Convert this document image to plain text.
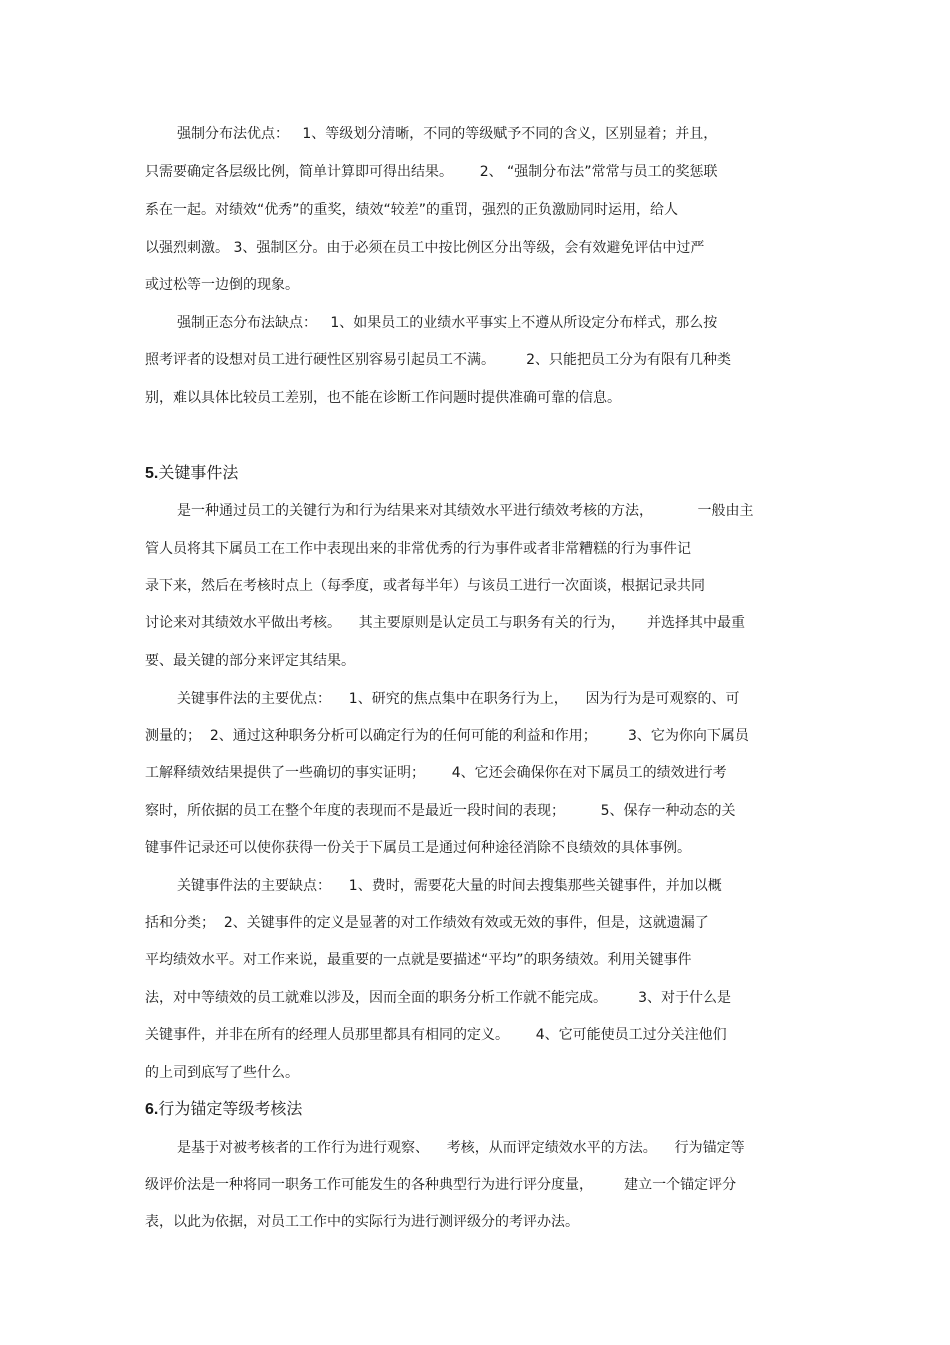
强制分布法优点：   1、等级划分清晰，不同的等级赋予不同的含义，区别显着；并且，
只需要确定各层级比例，简单计算即可得出结果。      2、 “强制分布法”常常与员工的奖惩联
系在一起。对绩效“优秀”的重奖，绩效“较差”的重罚，强烈的正负激励同时运用，给人
以强烈刺激。 3、强制区分。由于必须在员工中按比例区分出等级，会有效避免评估中过严
或过松等一边倒的现象。
强制正态分布法缺点：   1、如果员工的业绩水平事实上不遵从所设定分布样式，那么按
照考评者的设想对员工进行硬性区别容易引起员工不满。       2、只能把员工分为有限有几种类
别，难以具体比较员工差别，也不能在诊断工作问题时提供准确可靠的信息。
5.关键事件法
是一种通过员工的关键行为和行为结果来对其绩效水平进行绩效考核的方法，          一般由主
管人员将其下属员工在工作中表现出来的非常优秀的行为事件或者非常糟糕的行为事件记
录下来，然后在考核时点上（每季度，或者每半年）与该员工进行一次面谈，根据记录共同
讨论来对其绩效水平做出考核。    其主要原则是认定员工与职务有关的行为，     并选择其中最重
要、最关键的部分来评定其结果。
关键事件法的主要优点：    1、研究的焦点集中在职务行为上，    因为行为是可观察的、可
测量的；  2、通过这种职务分析可以确定行为的任何可能的利益和作用；       3、它为你向下属员
工解释绩效结果提供了一些确切的事实证明；      4、它还会确保你在对下属员工的绩效进行考
察时，所依据的员工在整个年度的表现而不是最近一段时间的表现；        5、保存一种动态的关
键事件记录还可以使你获得一份关于下属员工是通过何种途径消除不良绩效的具体事例。
关键事件法的主要缺点：    1、费时，需要花大量的时间去搜集那些关键事件，并加以概
括和分类；  2、关键事件的定义是显著的对工作绩效有效或无效的事件，但是，这就遗漏了
平均绩效水平。对工作来说，最重要的一点就是要描述“平均”的职务绩效。利用关键事件
法，对中等绩效的员工就难以涉及，因而全面的职务分析工作就不能完成。       3、对于什么是
关键事件，并非在所有的经理人员那里都具有相同的定义。      4、它可能使员工过分关注他们
的上司到底写了些什么。
6.行为锚定等级考核法
是基于对被考核者的工作行为进行观察、    考核，从而评定绩效水平的方法。    行为锚定等
级评价法是一种将同一职务工作可能发生的各种典型行为进行评分度量，       建立一个锚定评分
表，以此为依据，对员工工作中的实际行为进行测评级分的考评办法。
